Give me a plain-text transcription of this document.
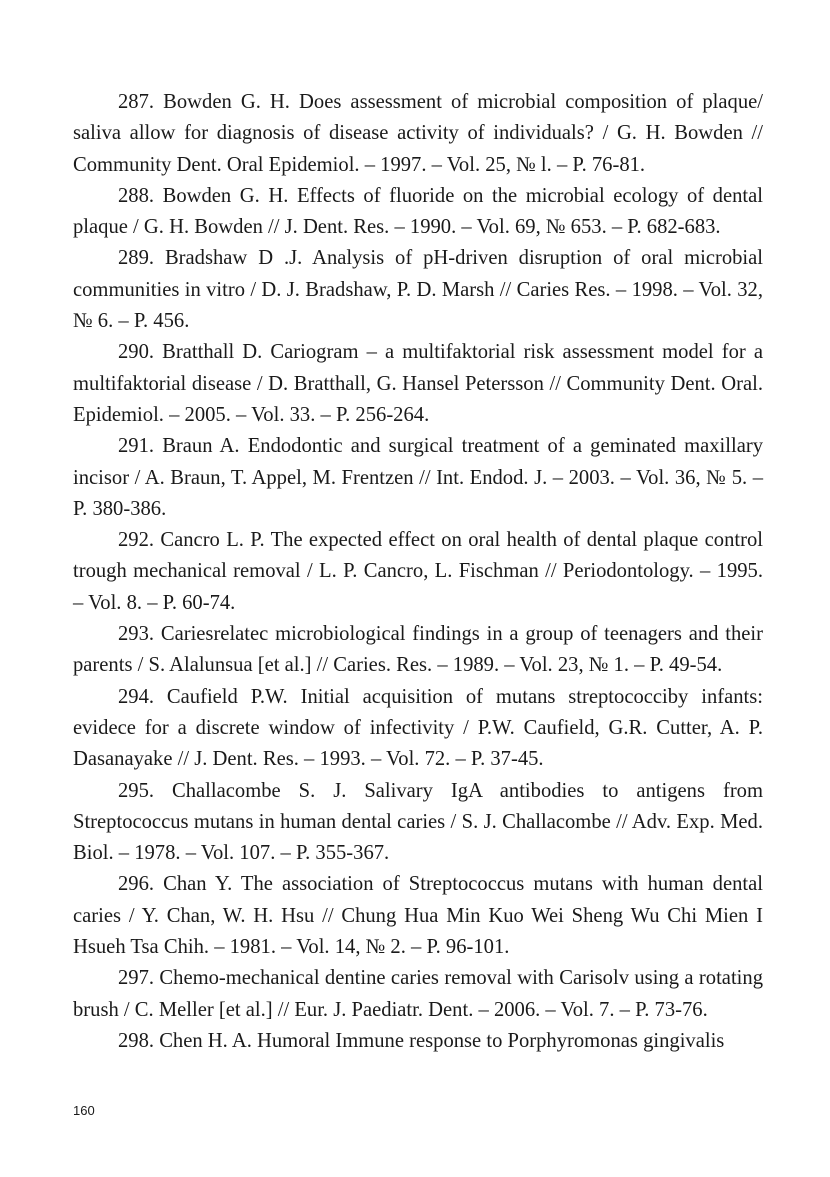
287. Bowden G. H. Does assessment of microbial composition of plaque/ saliva allow for diagnosis of disease activity of individuals? / G. H. Bowden // Community Dent. Oral Epidemiol. – 1997. – Vol. 25, № l. – P. 76-81.

288. Bowden G. H. Effects of fluoride on the microbial ecology of dental plaque / G. H. Bowden // J. Dent. Res. – 1990. – Vol. 69, № 653. – P. 682-683.

289. Bradshaw D .J. Analysis of pH-driven disruption of oral microbial communities in vitro / D. J. Bradshaw, P. D. Marsh // Caries Res. – 1998. – Vol. 32, № 6. – P. 456.

290. Bratthall D. Cariogram – a multifaktorial risk assessment model for a multifaktorial disease / D. Bratthall, G. Hansel Petersson // Community Dent. Oral. Epidemiol. – 2005. – Vol. 33. – P. 256-264.

291. Braun A. Endodontic and surgical treatment of a geminated maxillary incisor / A. Braun, T. Appel, M. Frentzen // Int. Endod. J. – 2003. – Vol. 36, № 5. – P. 380-386.

292. Cancro L. P. The expected effect on oral health of dental plaque control trough mechanical removal / L. P. Cancro, L. Fischman // Periodontology. – 1995. – Vol. 8. – P. 60-74.

293. Cariesrelatec microbiological findings in a group of teenagers and their parents / S. Alalunsua [et al.] // Caries. Res. – 1989. – Vol. 23, № 1. – P. 49-54.

294. Caufield P.W. Initial acquisition of mutans streptococciby infants: evidece for a discrete window of infectivity / P.W. Caufield, G.R. Cutter, A. P. Dasanayake // J. Dent. Res. – 1993. – Vol. 72. – P. 37-45.

295. Challacombe S. J. Salivary IgA antibodies to antigens from Streptococcus mutans in human dental caries / S. J. Challacombe // Adv. Exp. Med. Biol. – 1978. – Vol. 107. – P. 355-367.

296. Chan Y. The association of Streptococcus mutans with human dental caries / Y. Chan, W. H. Hsu // Chung Hua Min Kuo Wei Sheng Wu Chi Mien I Hsueh Tsa Chih. – 1981. – Vol. 14, № 2. – P. 96-101.

297. Chemo-mechanical dentine caries removal with Carisolv using a rotating brush / C. Meller [et al.] // Eur. J. Paediatr. Dent. – 2006. – Vol. 7. – P. 73-76.

298. Chen H. A. Humoral Immune response to Porphyromonas gingivalis

160
